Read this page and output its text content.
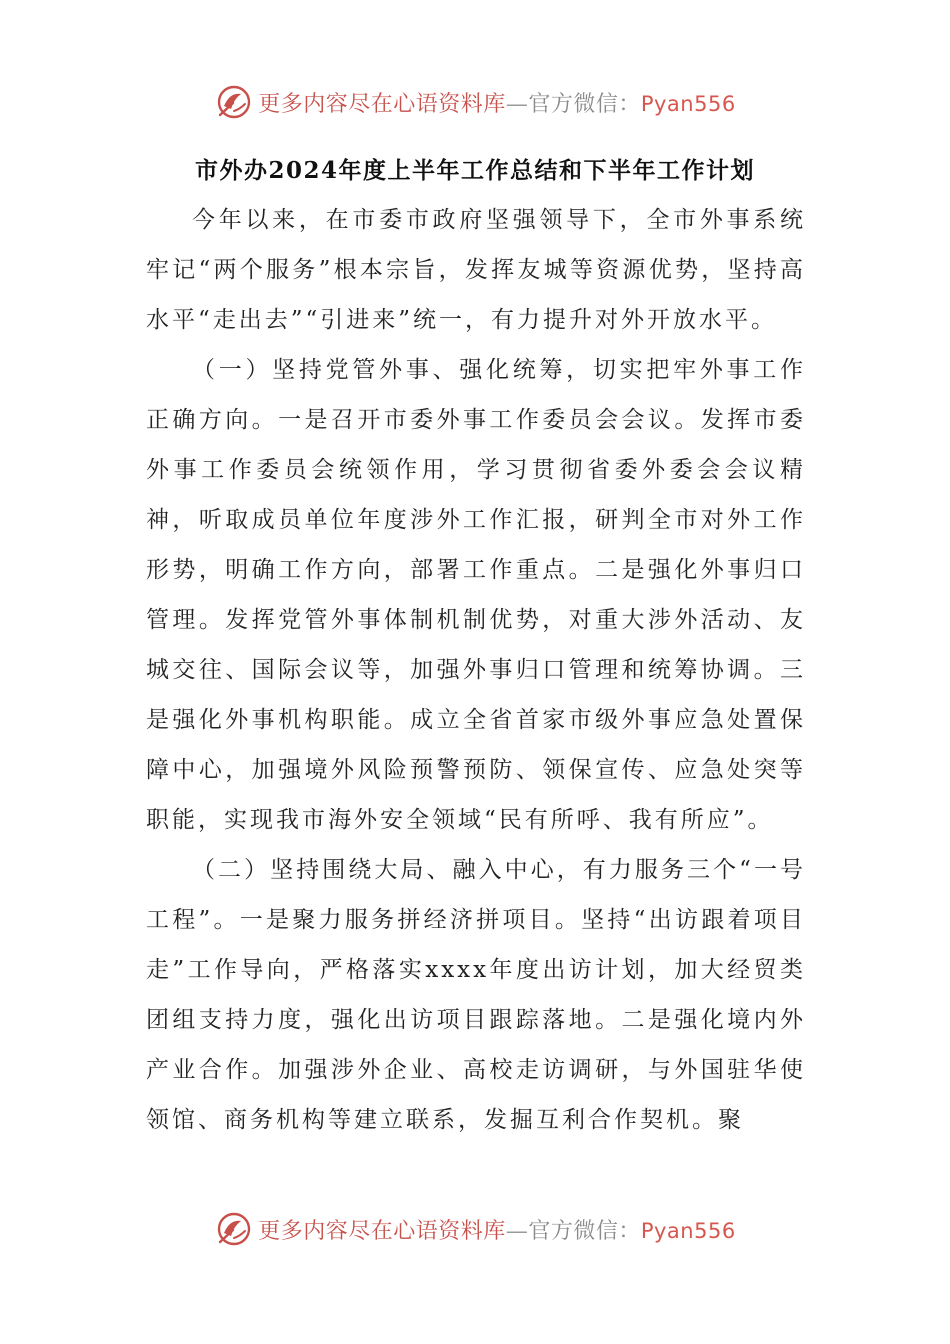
更多内容尽在心语资料库—官方微信：Pyan556
市外办2024年度上半年工作总结和下半年工作计划

今年以来，在市委市政府坚强领导下，全市外事系统牢记“两个服务”根本宗旨，发挥友城等资源优势，坚持高水平“走出去”“引进来”统一，有力提升对外开放水平。

（一）坚持党管外事、强化统筹，切实把牢外事工作正确方向。一是召开市委外事工作委员会会议。发挥市委外事工作委员会统领作用，学习贯彻省委外委会会议精神，听取成员单位年度涉外工作汇报，研判全市对外工作形势，明确工作方向，部署工作重点。二是强化外事归口管理。发挥党管外事体制机制优势，对重大涉外活动、友城交往、国际会议等，加强外事归口管理和统筹协调。三是强化外事机构职能。成立全省首家市级外事应急处置保障中心，加强境外风险预警预防、领保宣传、应急处突等职能，实现我市海外安全领域“民有所呼、我有所应”。

（二）坚持围绕大局、融入中心，有力服务三个“一号工程”。一是聚力服务拼经济拼项目。坚持“出访跟着项目走”工作导向，严格落实xxxx年度出访计划，加大经贸类团组支持力度，强化出访项目跟踪落地。二是强化境内外产业合作。加强涉外企业、高校走访调研，与外国驻华使领馆、商务机构等建立联系，发掘互利合作契机。聚

更多内容尽在心语资料库—官方微信：Pyan556
